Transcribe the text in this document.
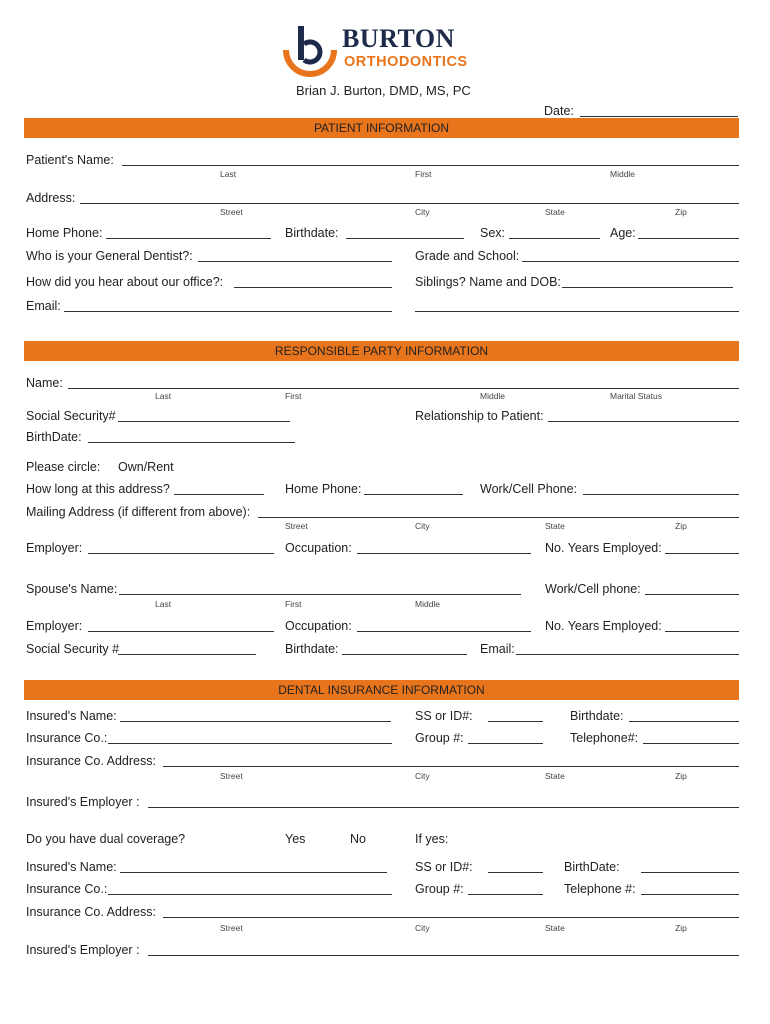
BURTON
ORTHODONTICS
Brian J. Burton, DMD, MS, PC
Date:
PATIENT INFORMATION
Patient's Name:
Last	First	Middle
Address:
Street	City	State	Zip
Home Phone:	Birthdate:	Sex:	Age:
Who is your General Dentist?:	Grade and School:
How did you hear about our office?:	Siblings? Name and DOB:
Email:
RESPONSIBLE PARTY INFORMATION
Name:
Last	First	Middle	Marital Status
Social Security#	Relationship to Patient:
BirthDate:
Please circle: Own/Rent
How long at this address?	Home Phone:	Work/Cell Phone:
Mailing Address (if different from above):
Street	City	State	Zip
Employer:	Occupation:	No. Years Employed:
Spouse's Name:
Last	First	Middle
Work/Cell phone:
Employer:	Occupation:	No. Years Employed:
Social Security #	Birthdate:	Email:
DENTAL INSURANCE INFORMATION
Insured's Name:	SS or ID#:	Birthdate:
Insurance Co.:	Group #:	Telephone#:
Insurance Co. Address:
Street	City	State	Zip
Insured's Employer :
Do you have dual coverage?	Yes	No	If yes:
Insured's Name:	SS or ID#:	BirthDate:
Insurance Co.:	Group #:	Telephone #:
Insurance Co. Address:
Street	City	State	Zip
Insured's Employer :
